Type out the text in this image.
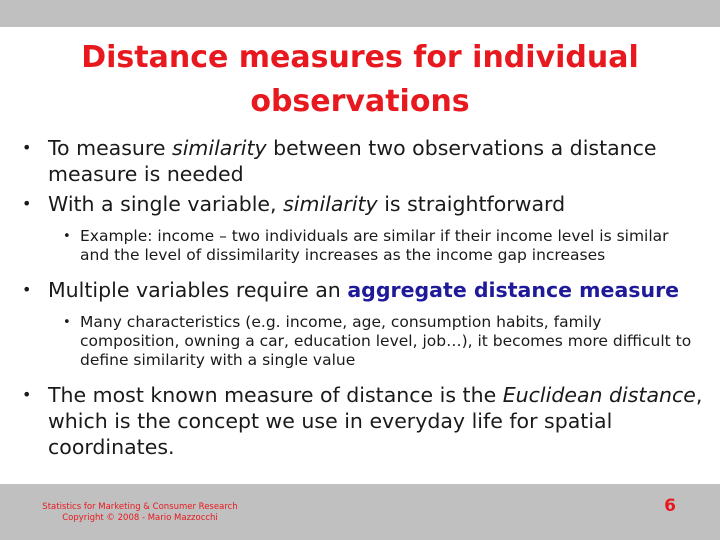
Distance measures for individual
observations
• To measure similarity between two observations a distance measure is needed
• With a single variable, similarity is straightforward
• Example: income – two individuals are similar if their income level is similar and the level of dissimilarity increases as the income gap increases
• Multiple variables require an aggregate distance measure
• Many characteristics (e.g. income, age, consumption habits, family composition, owning a car, education level, job…), it becomes more difficult to define similarity with a single value
• The most known measure of distance is the Euclidean distance, which is the concept we use in everyday life for spatial coordinates.
Statistics for Marketing & Consumer Research
Copyright © 2008 - Mario Mazzocchi
6
